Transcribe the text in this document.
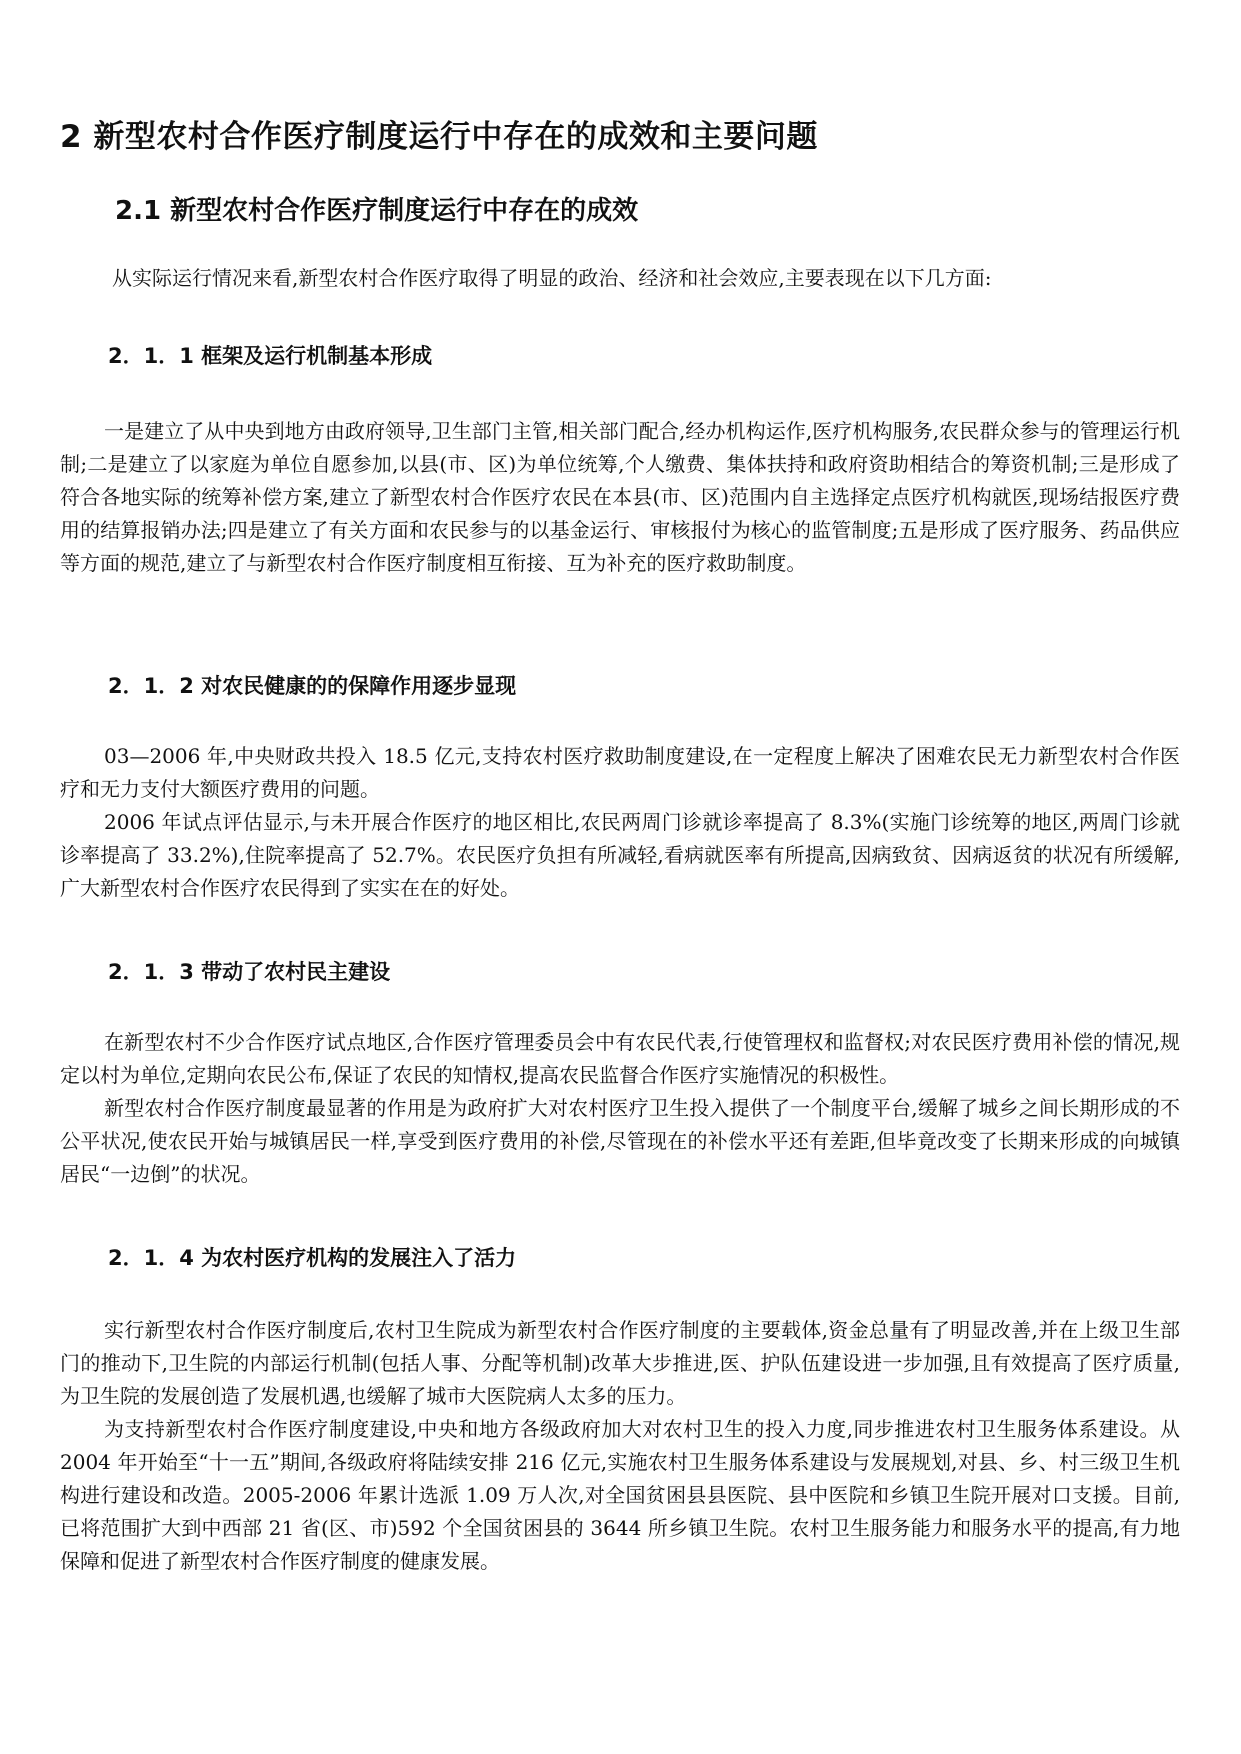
2 新型农村合作医疗制度运行中存在的成效和主要问题
2.1 新型农村合作医疗制度运行中存在的成效

从实际运行情况来看,新型农村合作医疗取得了明显的政治、经济和社会效应,主要表现在以下几方面:

2．1．1 框架及运行机制基本形成

一是建立了从中央到地方由政府领导,卫生部门主管,相关部门配合,经办机构运作,医疗机构服务,农民群众参与的管理运行机制;二是建立了以家庭为单位自愿参加,以县(市、区)为单位统筹,个人缴费、集体扶持和政府资助相结合的筹资机制;三是形成了符合各地实际的统筹补偿方案,建立了新型农村合作医疗农民在本县(市、区)范围内自主选择定点医疗机构就医,现场结报医疗费用的结算报销办法;四是建立了有关方面和农民参与的以基金运行、审核报付为核心的监管制度;五是形成了医疗服务、药品供应等方面的规范,建立了与新型农村合作医疗制度相互衔接、互为补充的医疗救助制度。

2．1．2 对农民健康的的保障作用逐步显现

03—2006 年,中央财政共投入 18.5 亿元,支持农村医疗救助制度建设,在一定程度上解决了困难农民无力新型农村合作医疗和无力支付大额医疗费用的问题。

2006 年试点评估显示,与未开展合作医疗的地区相比,农民两周门诊就诊率提高了 8.3%(实施门诊统筹的地区,两周门诊就诊率提高了 33.2%),住院率提高了 52.7%。农民医疗负担有所减轻,看病就医率有所提高,因病致贫、因病返贫的状况有所缓解,广大新型农村合作医疗农民得到了实实在在的好处。

2．1．3 带动了农村民主建设

在新型农村不少合作医疗试点地区,合作医疗管理委员会中有农民代表,行使管理权和监督权;对农民医疗费用补偿的情况,规定以村为单位,定期向农民公布,保证了农民的知情权,提高农民监督合作医疗实施情况的积极性。

新型农村合作医疗制度最显著的作用是为政府扩大对农村医疗卫生投入提供了一个制度平台,缓解了城乡之间长期形成的不公平状况,使农民开始与城镇居民一样,享受到医疗费用的补偿,尽管现在的补偿水平还有差距,但毕竟改变了长期来形成的向城镇居民“一边倒”的状况。

2．1．4 为农村医疗机构的发展注入了活力

实行新型农村合作医疗制度后,农村卫生院成为新型农村合作医疗制度的主要载体,资金总量有了明显改善,并在上级卫生部门的推动下,卫生院的内部运行机制(包括人事、分配等机制)改革大步推进,医、护队伍建设进一步加强,且有效提高了医疗质量,为卫生院的发展创造了发展机遇,也缓解了城市大医院病人太多的压力。

为支持新型农村合作医疗制度建设,中央和地方各级政府加大对农村卫生的投入力度,同步推进农村卫生服务体系建设。从 2004 年开始至“十一五”期间,各级政府将陆续安排 216 亿元,实施农村卫生服务体系建设与发展规划,对县、乡、村三级卫生机构进行建设和改造。2005-2006 年累计选派 1.09 万人次,对全国贫困县县医院、县中医院和乡镇卫生院开展对口支援。目前,已将范围扩大到中西部 21 省(区、市)592 个全国贫困县的 3644 所乡镇卫生院。农村卫生服务能力和服务水平的提高,有力地保障和促进了新型农村合作医疗制度的健康发展。
